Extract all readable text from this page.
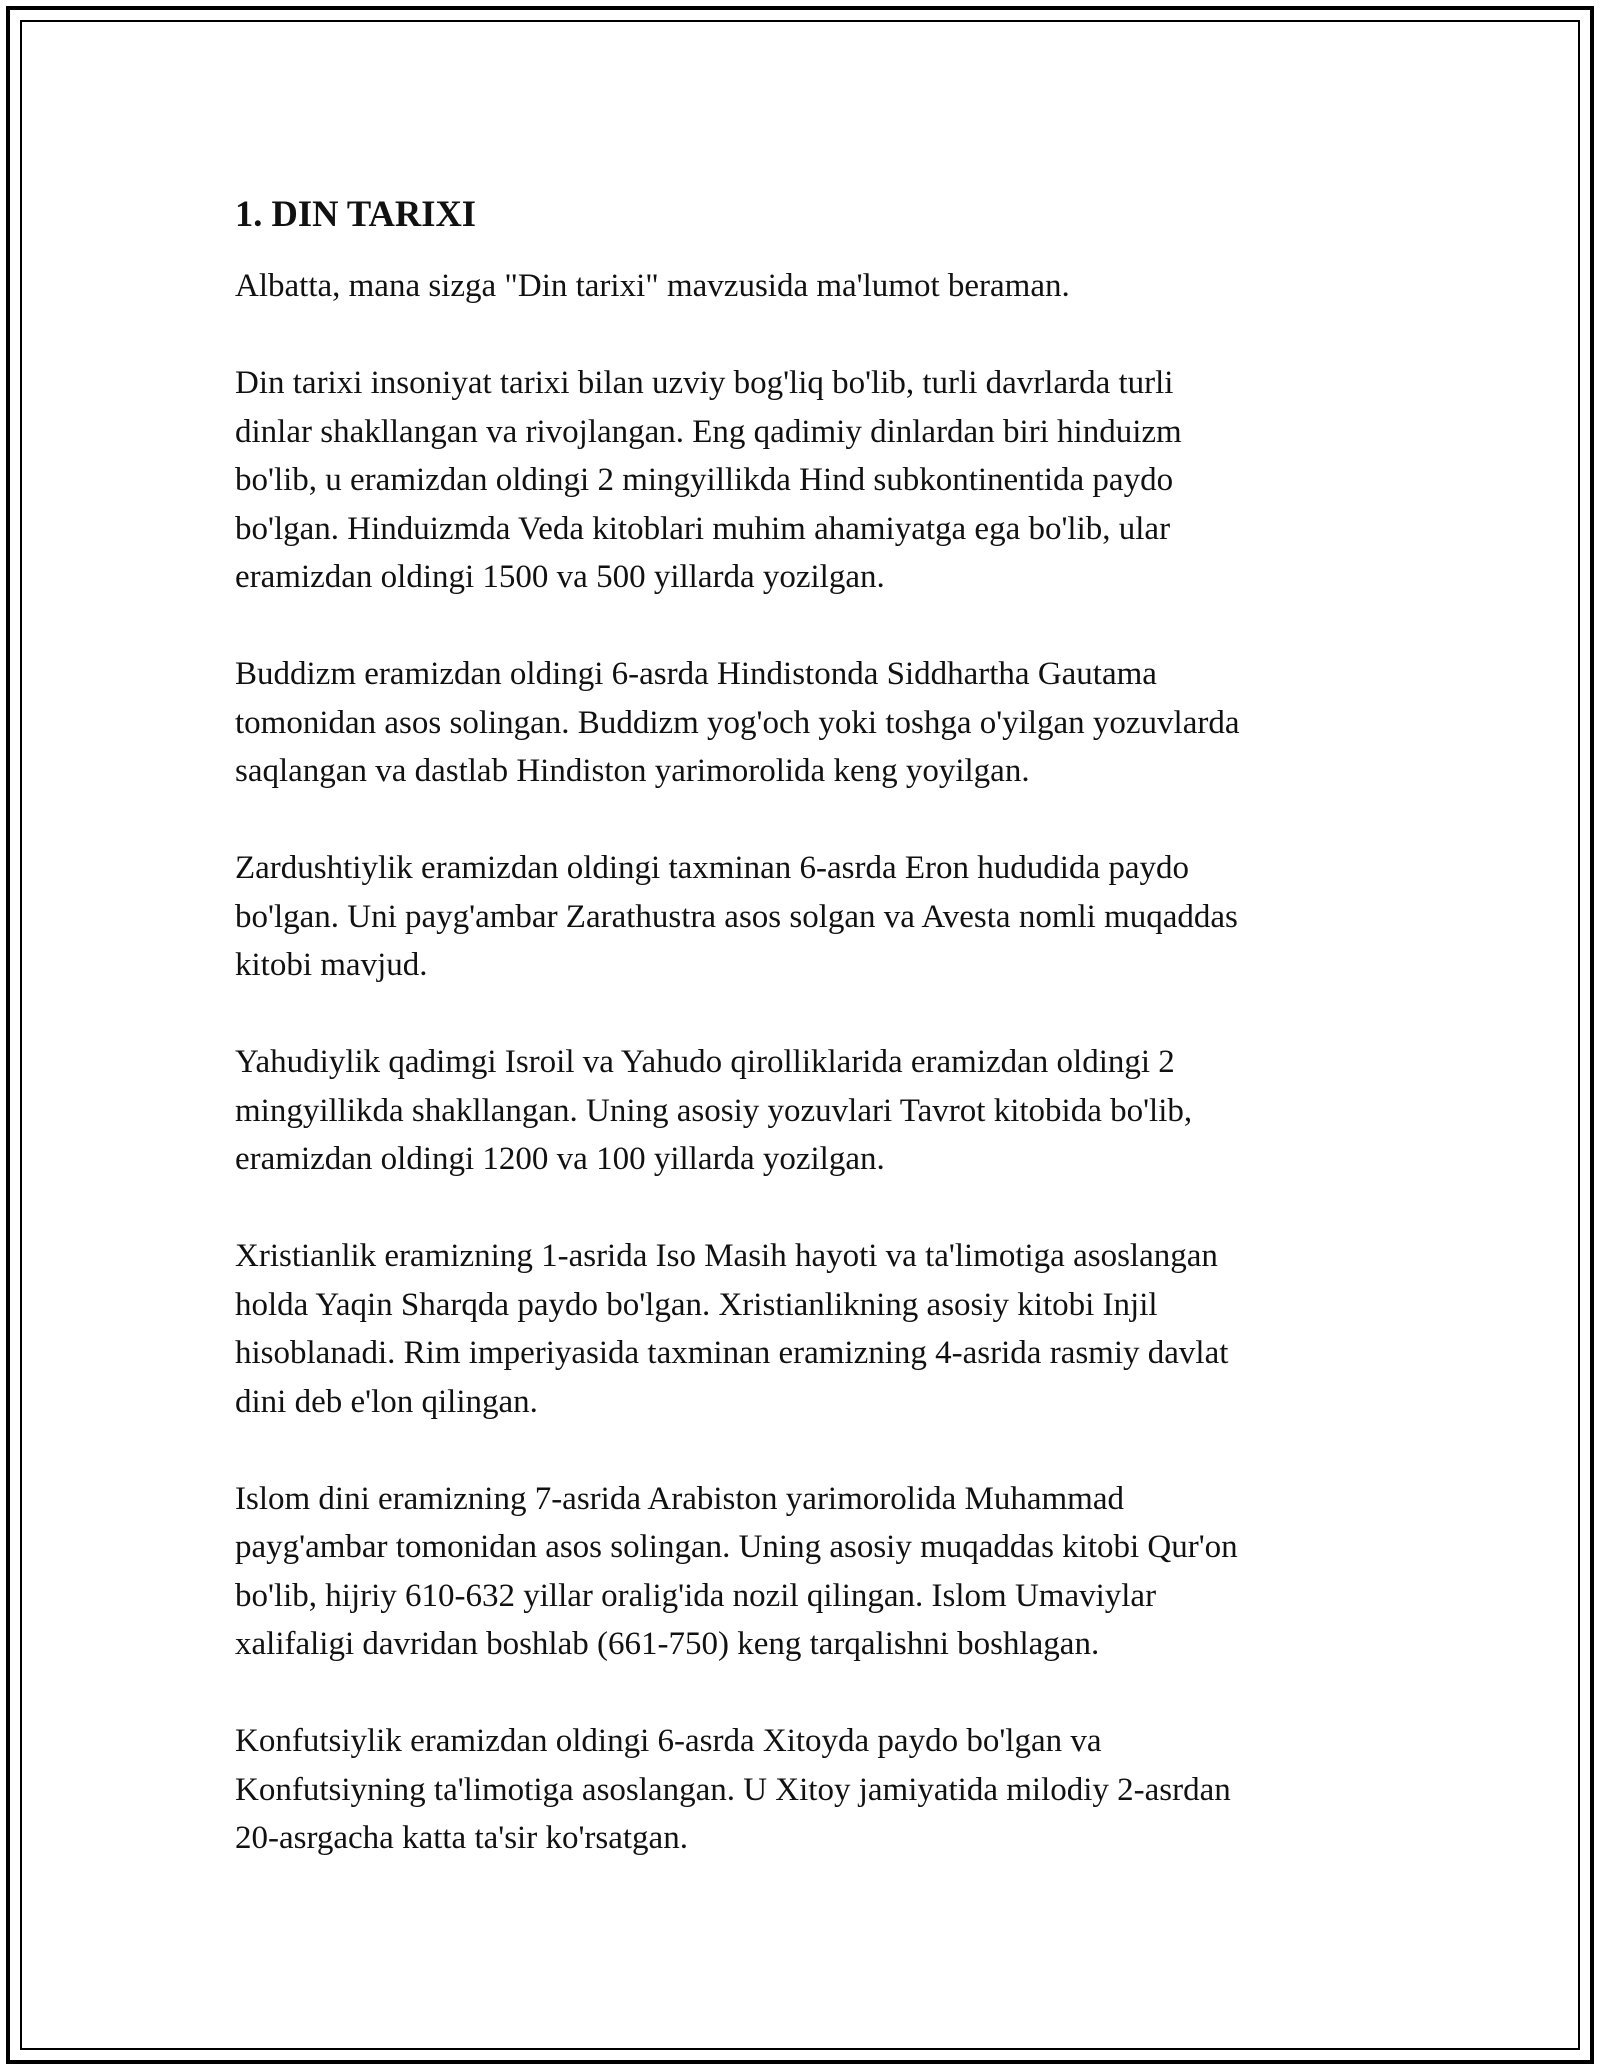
1. DIN TARIXI

Albatta, mana sizga "Din tarixi" mavzusida ma'lumot beraman.

Din tarixi insoniyat tarixi bilan uzviy bog'liq bo'lib, turli davrlarda turli
dinlar shakllangan va rivojlangan. Eng qadimiy dinlardan biri hinduizm
bo'lib, u eramizdan oldingi 2 mingyillikda Hind subkontinentida paydo
bo'lgan. Hinduizmda Veda kitoblari muhim ahamiyatga ega bo'lib, ular
eramizdan oldingi 1500 va 500 yillarda yozilgan.

Buddizm eramizdan oldingi 6-asrda Hindistonda Siddhartha Gautama
tomonidan asos solingan. Buddizm yog'och yoki toshga o'yilgan yozuvlarda
saqlangan va dastlab Hindiston yarimorolida keng yoyilgan.

Zardushtiylik eramizdan oldingi taxminan 6-asrda Eron hududida paydo
bo'lgan. Uni payg'ambar Zarathustra asos solgan va Avesta nomli muqaddas
kitobi mavjud.

Yahudiylik qadimgi Isroil va Yahudo qirolliklarida eramizdan oldingi 2
mingyillikda shakllangan. Uning asosiy yozuvlari Tavrot kitobida bo'lib,
eramizdan oldingi 1200 va 100 yillarda yozilgan.

Xristianlik eramizning 1-asrida Iso Masih hayoti va ta'limotiga asoslangan
holda Yaqin Sharqda paydo bo'lgan. Xristianlikning asosiy kitobi Injil
hisoblanadi. Rim imperiyasida taxminan eramizning 4-asrida rasmiy davlat
dini deb e'lon qilingan.

Islom dini eramizning 7-asrida Arabiston yarimorolida Muhammad
payg'ambar tomonidan asos solingan. Uning asosiy muqaddas kitobi Qur'on
bo'lib, hijriy 610-632 yillar oralig'ida nozil qilingan. Islom Umaviylar
xalifaligi davridan boshlab (661-750) keng tarqalishni boshlagan.

Konfutsiylik eramizdan oldingi 6-asrda Xitoyda paydo bo'lgan va
Konfutsiyning ta'limotiga asoslangan. U Xitoy jamiyatida milodiy 2-asrdan
20-asrgacha katta ta'sir ko'rsatgan.
